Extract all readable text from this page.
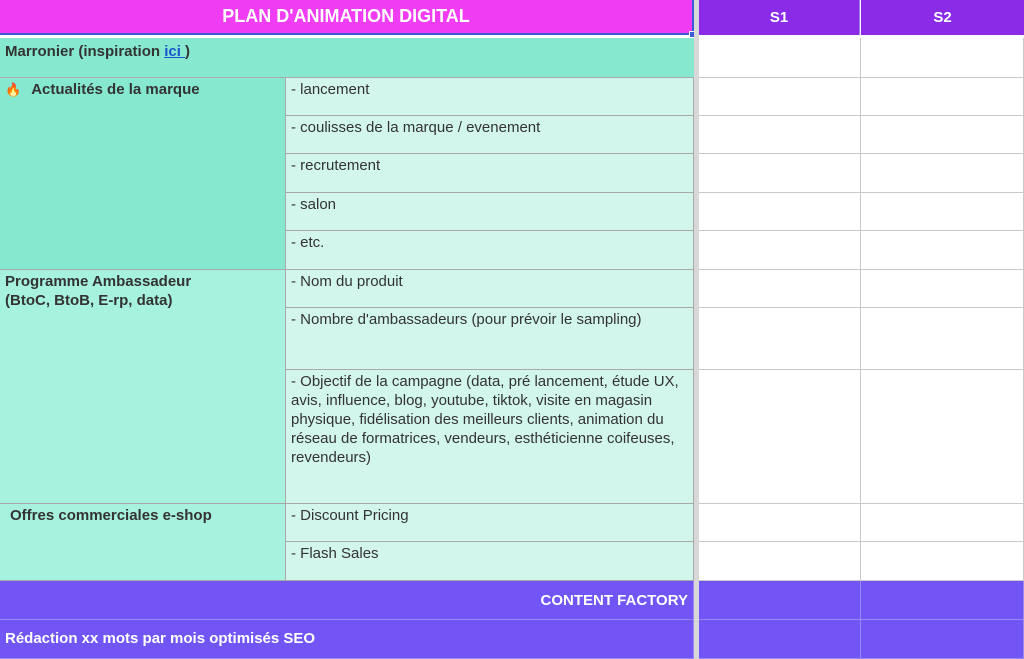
PLAN D'ANIMATION DIGITAL	S1	S2
Marronier (inspiration ici )
🔥 Actualités de la marque	- lancement
- coulisses de la marque / evenement
- recrutement
- salon
- etc.
Programme Ambassadeur
(BtoC, BtoB, E-rp, data)
- Nom du produit
- Nombre d'ambassadeurs (pour prévoir le sampling)
- Objectif de la campagne (data, pré lancement, étude UX, avis, influence, blog, youtube, tiktok, visite en magasin physique, fidélisation des meilleurs clients, animation du réseau de formatrices, vendeurs, esthéticienne coifeuses, revendeurs)
Offres commerciales e-shop	- Discount Pricing
- Flash Sales
CONTENT FACTORY
Rédaction xx mots par mois optimisés SEO
